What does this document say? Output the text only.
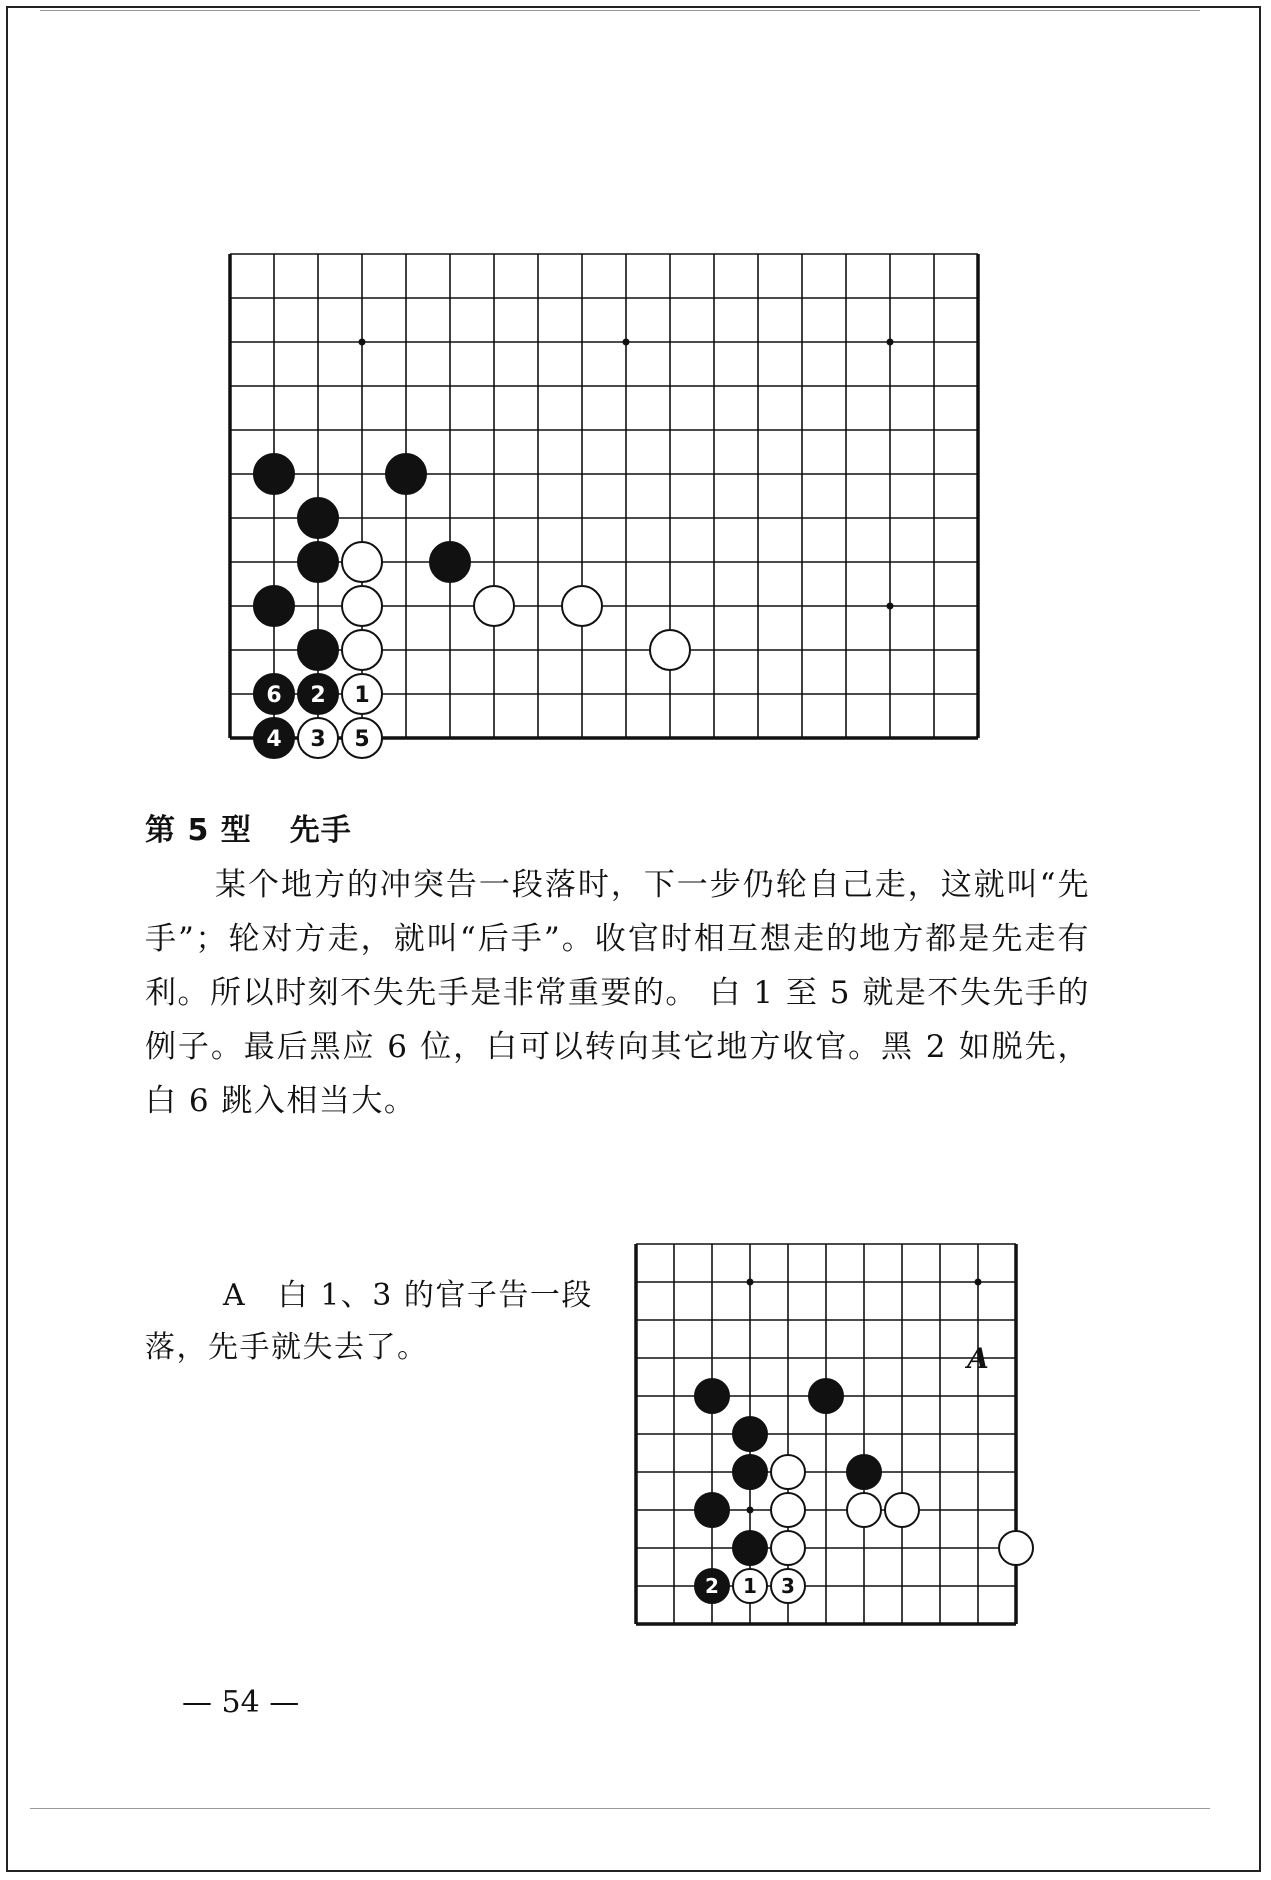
6 2 1
4 3 5
第 5 型 先手

某个地方的冲突告一段落时，下一步仍轮自己走，这就叫“先手”；轮对方走，就叫“后手”。收官时相互想走的地方都是先走有利。所以时刻不失先手是非常重要的。 白 1 至 5 就是不失先手的例子。最后黑应 6 位，白可以转向其它地方收官。黑 2 如脱先，白 6 跳入相当大。

A　白 1、3 的官子告一段落，先手就失去了。

2 1 3
A

— 54 —
